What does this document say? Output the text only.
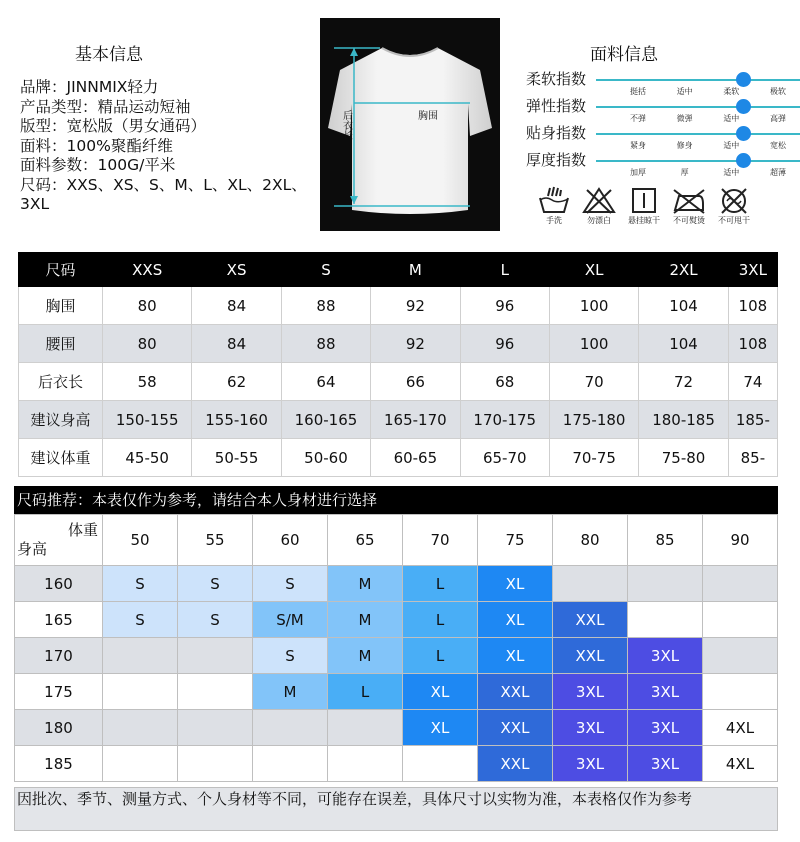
基本信息
品牌：JINNMIX轻力
产品类型：精品运动短袖
版型：宽松版（男女通码）
面料：100%聚酯纤维
面料参数：100G/平米
尺码：XXS、XS、S、M、L、XL、2XL、3XL
后衣长	胸围
面料信息
柔软指数
挺括	适中	柔软	极软
弹性指数
不弹	微弹	适中	高弹
贴身指数
紧身	修身	适中	宽松
厚度指数
加厚	厚	适中	超薄
手洗	勿漂白	悬挂晾干	不可熨烫	不可甩干
尺码	XXS	XS	S	M	L	XL	2XL	3XL
胸围	80	84	88	92	96	100	104	108
腰围	80	84	88	92	96	100	104	108
后衣长	58	62	64	66	68	70	72	74
建议身高	150-155	155-160	160-165	165-170	170-175	175-180	180-185	185-
建议体重	45-50	50-55	50-60	60-65	65-70	70-75	75-80	85-
尺码推荐：本表仅作为参考，请结合本人身材进行选择
体重
身高	50	55	60	65	70	75	80	85	90
160	S	S	S	M	L	XL			
165	S	S	S/M	M	L	XL	XXL		
170			S	M	L	XL	XXL	3XL	
175			M	L	XL	XXL	3XL	3XL	
180					XL	XXL	3XL	3XL	4XL
185						XXL	3XL	3XL	4XL
因批次、季节、测量方式、个人身材等不同，可能存在误差，具体尺寸以实物为准，本表格仅作为参考
